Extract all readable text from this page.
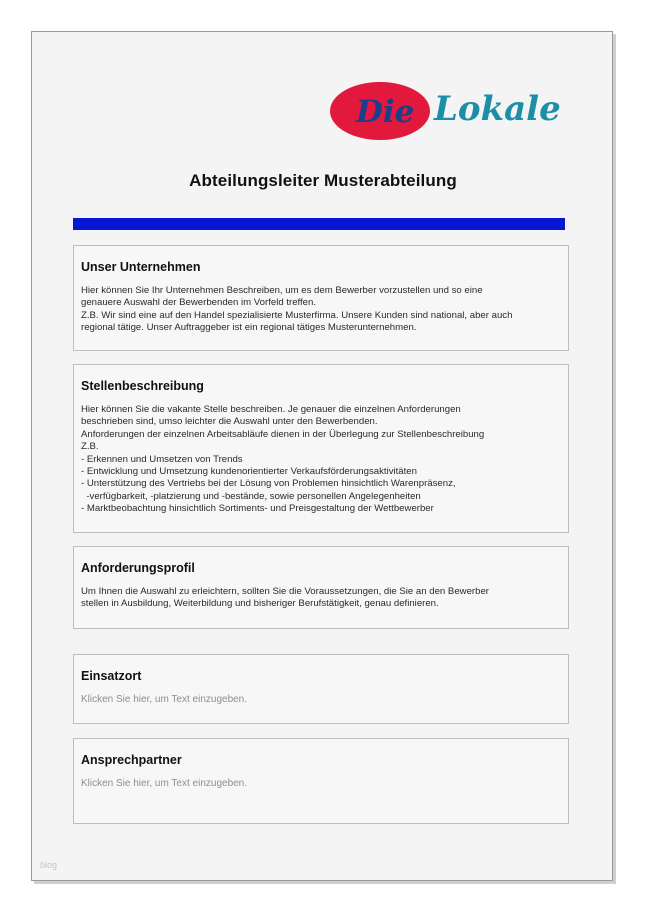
Die Lokale
Abteilungsleiter Musterabteilung
Unser Unternehmen
Hier können Sie Ihr Unternehmen Beschreiben, um es dem Bewerber vorzustellen und so eine
genauere Auswahl der Bewerbenden im Vorfeld treffen.
Z.B. Wir sind eine auf den Handel spezialisierte Musterfirma. Unsere Kunden sind national, aber auch
regional tätige. Unser Auftraggeber ist ein regional tätiges Musterunternehmen.
Stellenbeschreibung
Hier können Sie die vakante Stelle beschreiben. Je genauer die einzelnen Anforderungen
beschrieben sind, umso leichter die Auswahl unter den Bewerbenden.
Anforderungen der einzelnen Arbeitsabläufe dienen in der Überlegung zur Stellenbeschreibung
Z.B.
- Erkennen und Umsetzen von Trends
- Entwicklung und Umsetzung kundenorientierter Verkaufsförderungsaktivitäten
- Unterstützung des Vertriebs bei der Lösung von Problemen hinsichtlich Warenpräsenz,
-verfügbarkeit, -platzierung und -bestände, sowie personellen Angelegenheiten
- Marktbeobachtung hinsichtlich Sortiments- und Preisgestaltung der Wettbewerber
Anforderungsprofil
Um Ihnen die Auswahl zu erleichtern, sollten Sie die Voraussetzungen, die Sie an den Bewerber
stellen in Ausbildung, Weiterbildung und bisheriger Berufstätigkeit, genau definieren.
Einsatzort
Klicken Sie hier, um Text einzugeben.
Ansprechpartner
Klicken Sie hier, um Text einzugeben.
blog
